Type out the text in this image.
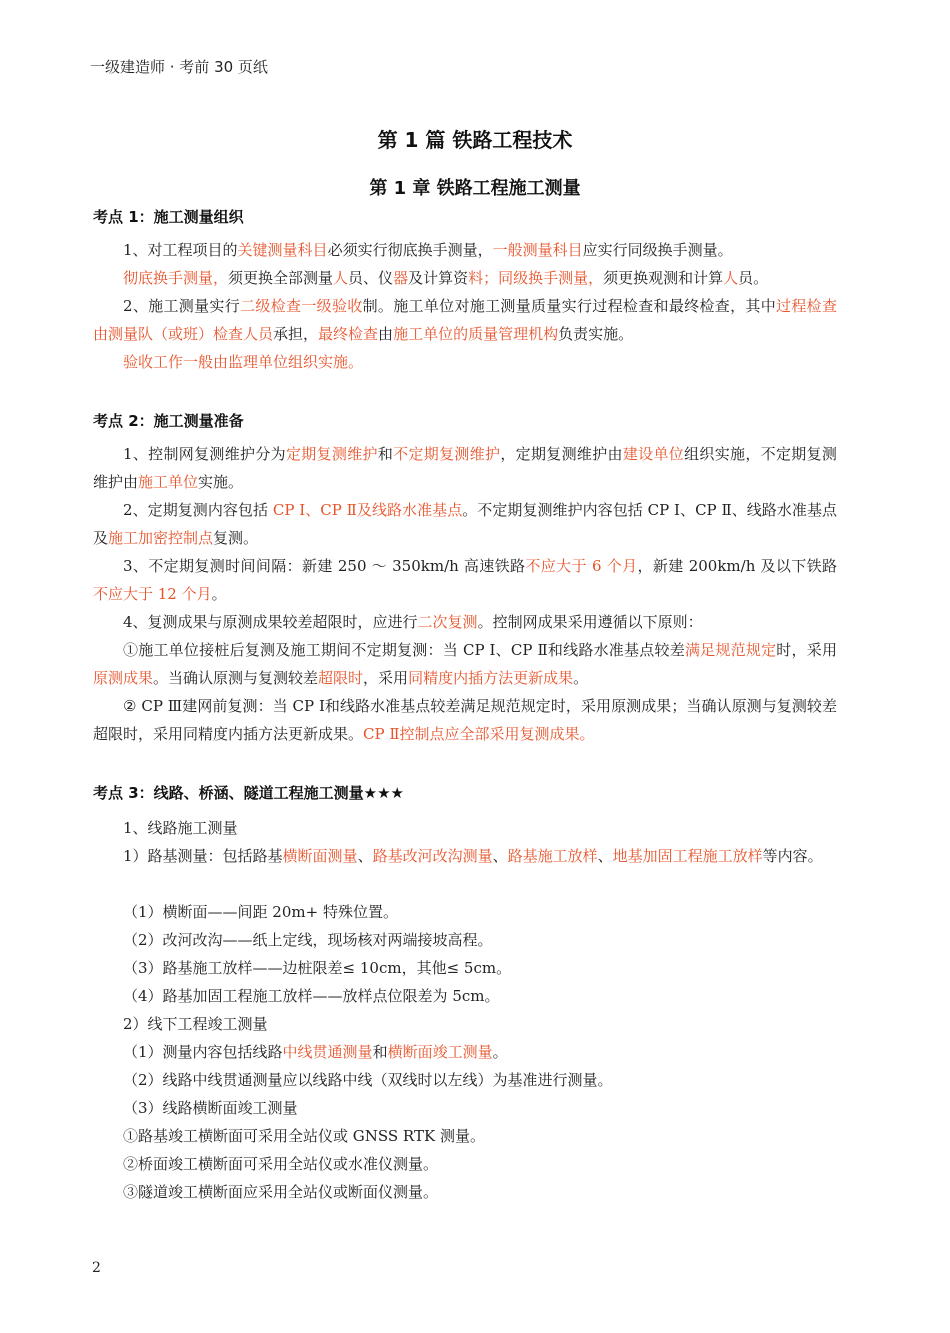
一级建造师 · 考前 30 页纸
第 1 篇 铁路工程技术
第 1 章 铁路工程施工测量
考点 1：施工测量组织

1、对工程项目的关键测量科目必须实行彻底换手测量，一般测量科目应实行同级换手测量。

彻底换手测量，须更换全部测量人员、仪器及计算资料；同级换手测量，须更换观测和计算人员。

2、施工测量实行二级检查一级验收制。施工单位对施工测量质量实行过程检查和最终检查，其中过程检查由测量队（或班）检查人员承担，最终检查由施工单位的质量管理机构负责实施。

验收工作一般由监理单位组织实施。

考点 2：施工测量准备

1、控制网复测维护分为定期复测维护和不定期复测维护，定期复测维护由建设单位组织实施，不定期复测维护由施工单位实施。

2、定期复测内容包括 CP Ⅰ、CP Ⅱ及线路水准基点。不定期复测维护内容包括 CP Ⅰ、CP Ⅱ、线路水准基点及施工加密控制点复测。

3、不定期复测时间间隔：新建 250 ～ 350km/h 高速铁路不应大于 6 个月，新建 200km/h 及以下铁路不应大于 12 个月。

4、复测成果与原测成果较差超限时，应进行二次复测。控制网成果采用遵循以下原则：

①施工单位接桩后复测及施工期间不定期复测：当 CP Ⅰ、CP Ⅱ和线路水准基点较差满足规范规定时，采用原测成果。当确认原测与复测较差超限时，采用同精度内插方法更新成果。

② CP Ⅲ建网前复测：当 CP Ⅰ和线路水准基点较差满足规范规定时，采用原测成果；当确认原测与复测较差超限时，采用同精度内插方法更新成果。CP Ⅱ控制点应全部采用复测成果。

考点 3：线路、桥涵、隧道工程施工测量★★★

1、线路施工测量

1）路基测量：包括路基横断面测量、路基改河改沟测量、路基施工放样、地基加固工程施工放样等内容。

（1）横断面——间距 20m+ 特殊位置。

（2）改河改沟——纸上定线，现场核对两端接坡高程。

（3）路基施工放样——边桩限差≤ 10cm，其他≤ 5cm。

（4）路基加固工程施工放样——放样点位限差为 5cm。

2）线下工程竣工测量

（1）测量内容包括线路中线贯通测量和横断面竣工测量。

（2）线路中线贯通测量应以线路中线（双线时以左线）为基准进行测量。

（3）线路横断面竣工测量

①路基竣工横断面可采用全站仪或 GNSS RTK 测量。

②桥面竣工横断面可采用全站仪或水准仪测量。

③隧道竣工横断面应采用全站仪或断面仪测量。

2
